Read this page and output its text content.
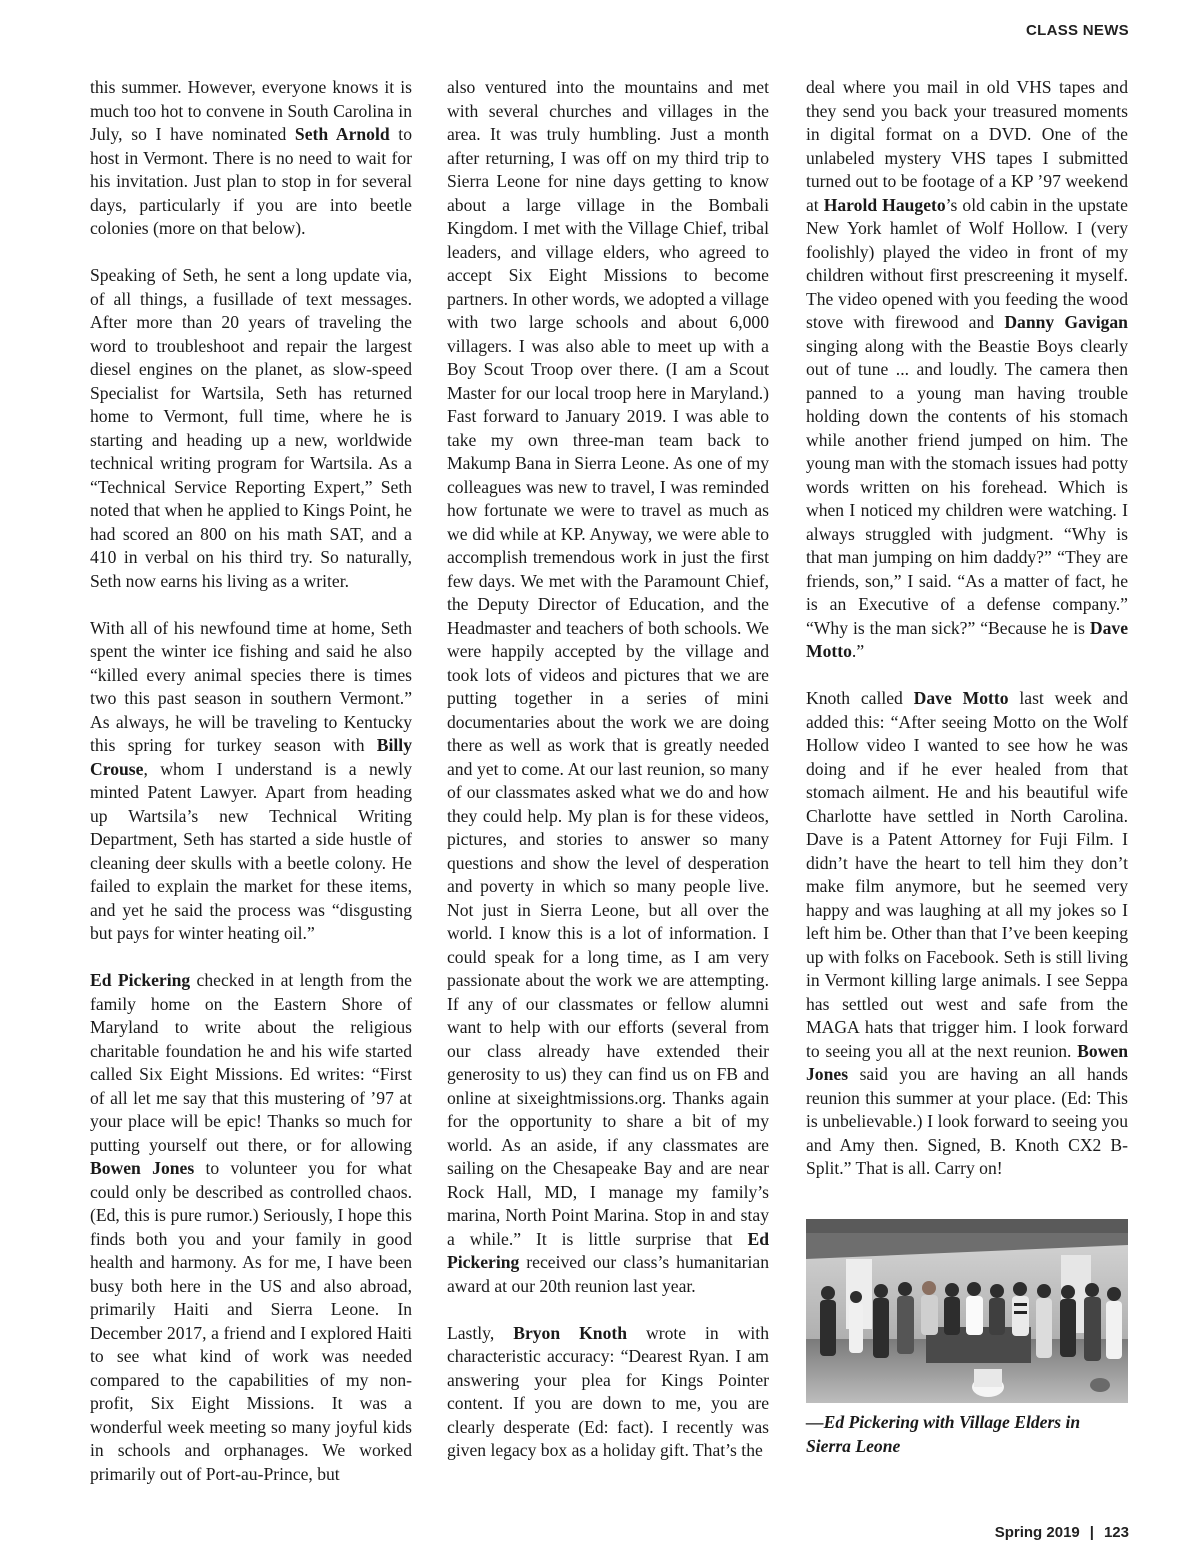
CLASS NEWS

this summer. However, everyone knows it is much too hot to convene in South Carolina in July, so I have nominated Seth Arnold to host in Vermont. There is no need to wait for his invitation. Just plan to stop in for several days, particularly if you are into beetle colonies (more on that below).

Speaking of Seth, he sent a long update via, of all things, a fusillade of text messages. After more than 20 years of traveling the word to troubleshoot and repair the largest diesel engines on the planet, as slow-speed Specialist for Wartsila, Seth has returned home to Vermont, full time, where he is starting and heading up a new, worldwide technical writing program for Wartsila. As a “Technical Service Reporting Expert,” Seth noted that when he applied to Kings Point, he had scored an 800 on his math SAT, and a 410 in verbal on his third try. So naturally, Seth now earns his living as a writer.

With all of his newfound time at home, Seth spent the winter ice fishing and said he also “killed every animal species there is times two this past season in southern Vermont.” As always, he will be traveling to Kentucky this spring for turkey season with Billy Crouse, whom I understand is a newly minted Patent Lawyer. Apart from heading up Wartsila’s new Technical Writing Department, Seth has started a side hustle of cleaning deer skulls with a beetle colony. He failed to explain the market for these items, and yet he said the process was “disgusting but pays for winter heating oil.”

Ed Pickering checked in at length from the family home on the Eastern Shore of Maryland to write about the religious charitable foundation he and his wife started called Six Eight Missions. Ed writes: “First of all let me say that this mustering of ’97 at your place will be epic! Thanks so much for putting yourself out there, or for allowing Bowen Jones to volunteer you for what could only be described as controlled chaos. (Ed, this is pure rumor.) Seriously, I hope this finds both you and your family in good health and harmony. As for me, I have been busy both here in the US and also abroad, primarily Haiti and Sierra Leone. In December 2017, a friend and I explored Haiti to see what kind of work was needed compared to the capabilities of my non-profit, Six Eight Missions. It was a wonderful week meeting so many joyful kids in schools and orphanages. We worked primarily out of Port-au-Prince, but

also ventured into the mountains and met with several churches and villages in the area. It was truly humbling. Just a month after returning, I was off on my third trip to Sierra Leone for nine days getting to know about a large village in the Bombali Kingdom. I met with the Village Chief, tribal leaders, and village elders, who agreed to accept Six Eight Missions to become partners. In other words, we adopted a village with two large schools and about 6,000 villagers. I was also able to meet up with a Boy Scout Troop over there. (I am a Scout Master for our local troop here in Maryland.) Fast forward to January 2019. I was able to take my own three-man team back to Makump Bana in Sierra Leone. As one of my colleagues was new to travel, I was reminded how fortunate we were to travel as much as we did while at KP. Anyway, we were able to accomplish tremendous work in just the first few days. We met with the Paramount Chief, the Deputy Director of Education, and the Headmaster and teachers of both schools. We were happily accepted by the village and took lots of videos and pictures that we are putting together in a series of mini documentaries about the work we are doing there as well as work that is greatly needed and yet to come. At our last reunion, so many of our classmates asked what we do and how they could help. My plan is for these videos, pictures, and stories to answer so many questions and show the level of desperation and poverty in which so many people live. Not just in Sierra Leone, but all over the world. I know this is a lot of information. I could speak for a long time, as I am very passionate about the work we are attempting. If any of our classmates or fellow alumni want to help with our efforts (several from our class already have extended their generosity to us) they can find us on FB and online at sixeightmissions.org. Thanks again for the opportunity to share a bit of my world. As an aside, if any classmates are sailing on the Chesapeake Bay and are near Rock Hall, MD, I manage my family’s marina, North Point Marina. Stop in and stay a while.” It is little surprise that Ed Pickering received our class’s humanitarian award at our 20th reunion last year.

Lastly, Bryon Knoth wrote in with characteristic accuracy: “Dearest Ryan. I am answering your plea for Kings Pointer content. If you are down to me, you are clearly desperate (Ed: fact). I recently was given legacy box as a holiday gift. That’s the

deal where you mail in old VHS tapes and they send you back your treasured moments in digital format on a DVD. One of the unlabeled mystery VHS tapes I submitted turned out to be footage of a KP ’97 weekend at Harold Haugeto’s old cabin in the upstate New York hamlet of Wolf Hollow. I (very foolishly) played the video in front of my children without first prescreening it myself. The video opened with you feeding the wood stove with firewood and Danny Gavigan singing along with the Beastie Boys clearly out of tune ... and loudly. The camera then panned to a young man having trouble holding down the contents of his stomach while another friend jumped on him. The young man with the stomach issues had potty words written on his forehead. Which is when I noticed my children were watching. I always struggled with judgment. “Why is that man jumping on him daddy?” “They are friends, son,” I said. “As a matter of fact, he is an Executive of a defense company.” “Why is the man sick?” “Because he is Dave Motto.”

Knoth called Dave Motto last week and added this: “After seeing Motto on the Wolf Hollow video I wanted to see how he was doing and if he ever healed from that stomach ailment. He and his beautiful wife Charlotte have settled in North Carolina. Dave is a Patent Attorney for Fuji Film. I didn’t have the heart to tell him they don’t make film anymore, but he seemed very happy and was laughing at all my jokes so I left him be. Other than that I’ve been keeping up with folks on Facebook. Seth is still living in Vermont killing large animals. I see Seppa has settled out west and safe from the MAGA hats that trigger him. I look forward to seeing you all at the next reunion. Bowen Jones said you are having an all hands reunion this summer at your place. (Ed: This is unbelievable.) I look forward to seeing you and Amy then. Signed, B. Knoth CX2 B-Split.” That is all. Carry on!

—Ed Pickering with Village Elders in Sierra Leone
Spring 2019 | 123
